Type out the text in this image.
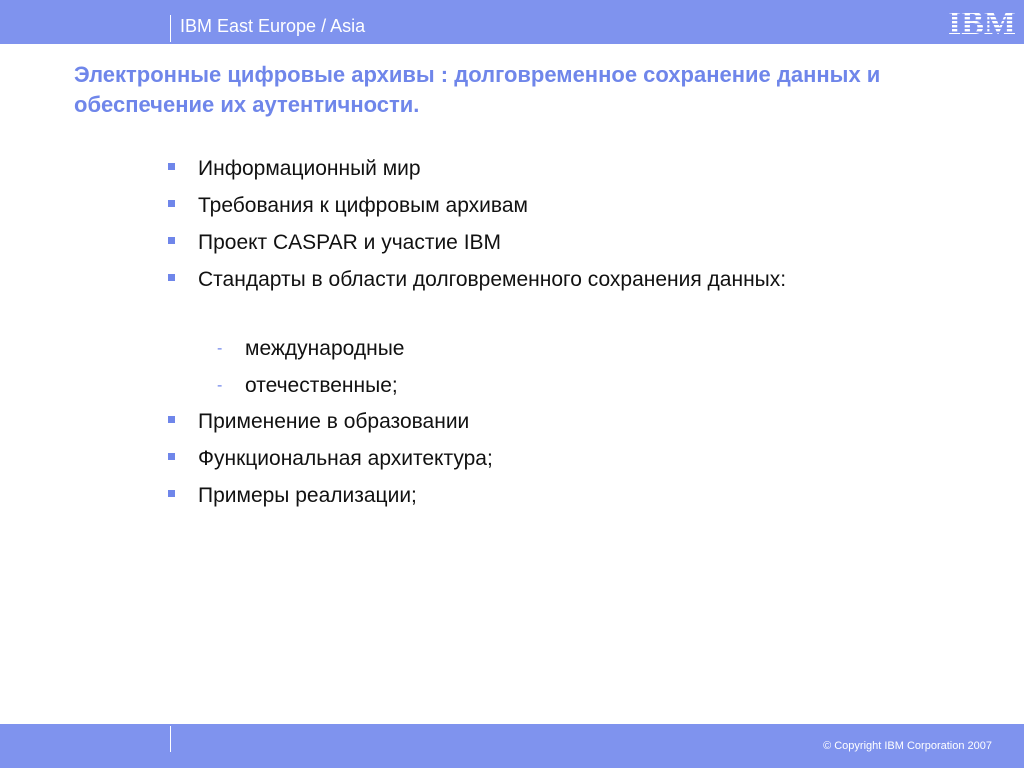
IBM East Europe / Asia	IBM
Электронные цифровые архивы : долговременное сохранение данных и обеспечение их аутентичности.
Информационный мир
Требования к цифровым архивам
Проект CASPAR и участие IBM
Стандарты в области долговременного сохранения данных:
- международные
- отечественные;
Применение в образовании
Функциональная архитектура;
Примеры реализации;
© Copyright IBM Corporation 2007
